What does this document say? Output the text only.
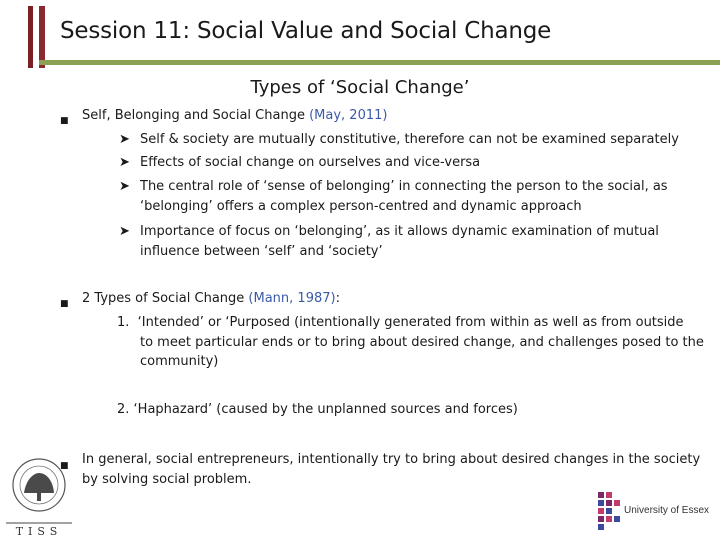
Session 11: Social Value and Social Change
Types of ‘Social Change’
■ Self, Belonging and Social Change (May, 2011)
➤ Self & society are mutually constitutive, therefore can not be examined separately
➤ Effects of social change on ourselves and vice-versa
➤ The central role of ‘sense of belonging’ in connecting the person to the social, as
‘belonging’ offers a complex person-centred and dynamic approach
➤ Importance of focus on ‘belonging’, as it allows dynamic examination of mutual
influence between ‘self’ and ‘society’
■ 2 Types of Social Change (Mann, 1987):
1. ‘Intended’ or ‘Purposed (intentionally generated from within as well as from outside
to meet particular ends or to bring about desired change, and challenges posed to the
community)
2. ‘Haphazard’ (caused by the unplanned sources and forces)
■ In general, social entrepreneurs, intentionally try to bring about desired changes in the society
by solving social problem.
TISS
University of Essex
